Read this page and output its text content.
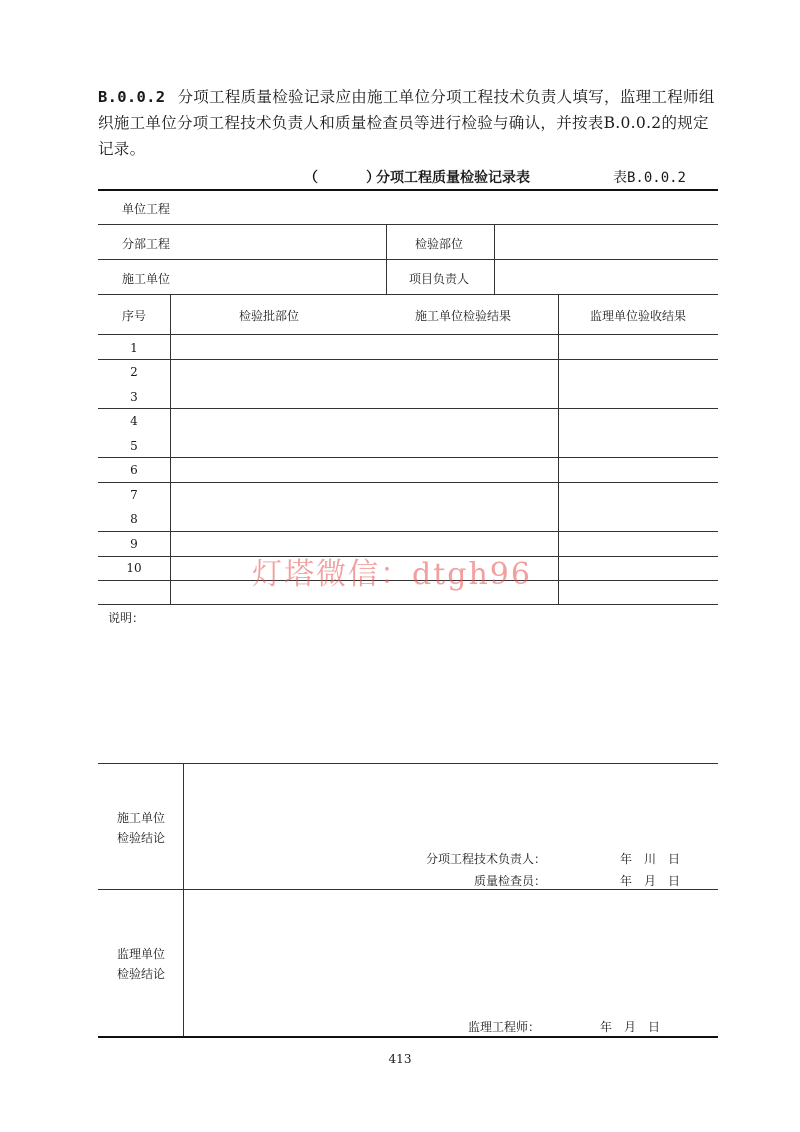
B.0.0.2 分项工程质量检验记录应由施工单位分项工程技术负责人填写，监理工程师组织施工单位分项工程技术负责人和质量检查员等进行检验与确认，并按表B.0.0.2的规定记录。
（	）
分项工程质量检验记录表	表B.0.0.2
单位工程
分部工程	检验部位
施工单位	项目负责人
序号	检验批部位	施工单位检验结果	监理单位验收结果
1
2
3
4
5
6
7
8
9
10	灯塔微信：dtgh96
说明：
施工单位
检验结论
分项工程技术负责人：	年　川　日
质量检查员：	年　月　日
监理单位
检验结论
监理工程师：	年　月　日
413
